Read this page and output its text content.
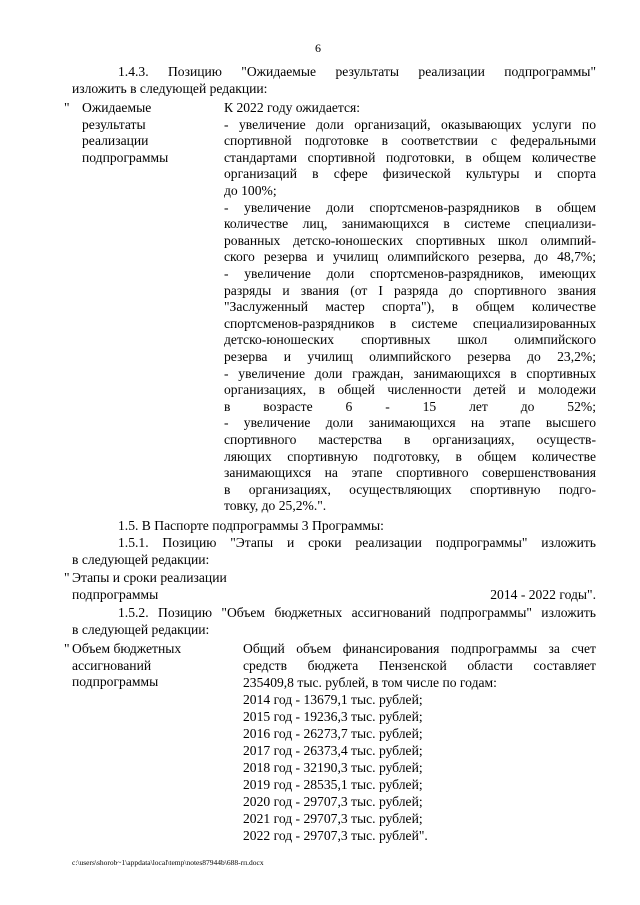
6
1.4.3. Позицию "Ожидаемые результаты реализации подпрограммы"
изложить в следующей редакции:
" Ожидаемые
результаты
реализации
подпрограммы
К 2022 году ожидается:
- увеличение доли организаций, оказывающих услуги по
спортивной подготовке в соответствии с федеральными
стандартами спортивной подготовки, в общем количестве
организаций в сфере физической культуры и спорта
до 100%;
- увеличение доли спортсменов-разрядников в общем
количестве лиц, занимающихся в системе специализи-
рованных детско-юношеских спортивных школ олимпий-
ского резерва и училищ олимпийского резерва, до 48,7%;
- увеличение доли спортсменов-разрядников, имеющих
разряды и звания (от I разряда до спортивного звания
"Заслуженный мастер спорта"), в общем количестве
спортсменов-разрядников в системе специализированных
детско-юношеских спортивных школ олимпийского
резерва и училищ олимпийского резерва до 23,2%;
- увеличение доли граждан, занимающихся в спортивных
организациях, в общей численности детей и молодежи
в возрасте 6 - 15 лет до 52%;
- увеличение доли занимающихся на этапе высшего
спортивного мастерства в организациях, осуществ-
ляющих спортивную подготовку, в общем количестве
занимающихся на этапе спортивного совершенствования
в организациях, осуществляющих спортивную подго-
товку, до 25,2%.".
1.5. В Паспорте подпрограммы 3 Программы:
1.5.1. Позицию "Этапы и сроки реализации подпрограммы" изложить
в следующей редакции:
" Этапы и сроки реализации
подпрограммы	2014 - 2022 годы".
1.5.2. Позицию "Объем бюджетных ассигнований подпрограммы" изложить
в следующей редакции:
" Объем бюджетных
ассигнований
подпрограммы
Общий объем финансирования подпрограммы за счет
средств бюджета Пензенской области составляет
235409,8 тыс. рублей, в том числе по годам:
2014 год - 13679,1 тыс. рублей;
2015 год - 19236,3 тыс. рублей;
2016 год - 26273,7 тыс. рублей;
2017 год - 26373,4 тыс. рублей;
2018 год - 32190,3 тыс. рублей;
2019 год - 28535,1 тыс. рублей;
2020 год - 29707,3 тыс. рублей;
2021 год - 29707,3 тыс. рублей;
2022 год - 29707,3 тыс. рублей".
c:\users\shorob~1\appdata\local\temp\notes87944b\688-rп.docx
